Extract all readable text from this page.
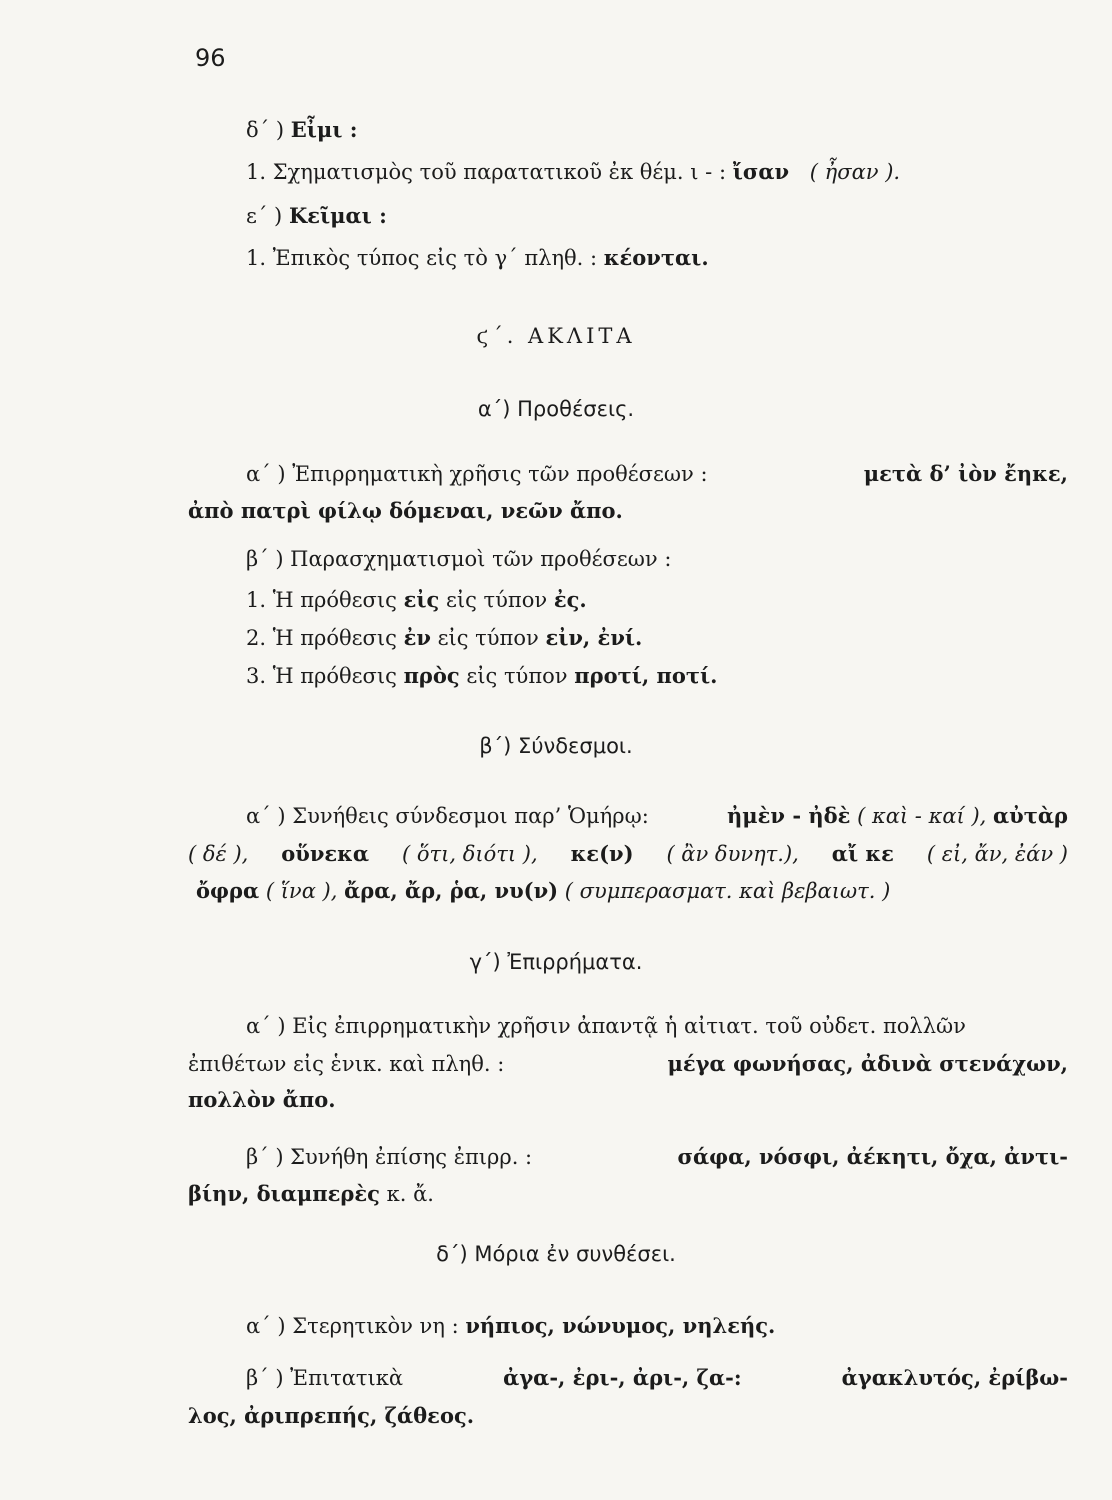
96
δ΄ ) Εἶμι :
1. Σχηματισμὸς τοῦ παρατατικοῦ ἐκ θέμ. ι - : ἴσαν ( ἦσαν ).
ε΄ ) Κεῖμαι :
1. Ἐπικὸς τύπος εἰς τὸ γ΄ πληθ. : κέονται.
ϛ΄. ΑΚΛΙΤΑ
α΄) Προθέσεις.
α΄ ) Ἐπιρρηματικὴ χρῆσις τῶν προθέσεων :	μετὰ δ’ ἰὸν ἔηκε,
ἀπὸ πατρὶ φίλῳ δόμεναι, νεῶν ἄπο.
β΄ ) Παρασχηματισμοὶ τῶν προθέσεων :
1. Ἡ πρόθεσις εἰς εἰς τύπον ἐς.
2. Ἡ πρόθεσις ἐν εἰς τύπον εἰν, ἐνί.
3. Ἡ πρόθεσις πρὸς εἰς τύπον προτί, ποτί.
β΄) Σύνδεσμοι.
α΄ ) Συνήθεις σύνδεσμοι παρ’ Ὁμήρῳ:	ἠμὲν - ἠδὲ ( καὶ - καί ), αὐτὰρ
( δέ ), οὕνεκα ( ὅτι, διότι ), κε(ν) ( ἂν δυνητ.), αἴ κε ( εἰ, ἄν, ἐάν )
ὄφρα ( ἵνα ), ἄρα, ἄρ, ῥα, νυ(ν) ( συμπερασματ. καὶ βεβαιωτ. )
γ΄) Ἐπιρρήματα.
α΄ ) Εἰς ἐπιρρηματικὴν χρῆσιν ἀπαντᾷ ἡ αἰτιατ. τοῦ οὐδετ. πολλῶν
ἐπιθέτων εἰς ἑνικ. καὶ πληθ. :	μέγα φωνήσας, ἀδινὰ στενάχων,
πολλὸν ἄπο.
β΄ ) Συνήθη ἐπίσης ἐπιρρ. :	σάφα, νόσφι, ἀέκητι, ὄχα, ἀντι-
βίην, διαμπερὲς κ. ἄ.
δ΄) Μόρια ἐν συνθέσει.
α΄ ) Στερητικὸν νη : νήπιος, νώνυμος, νηλεής.
β΄ ) Ἐπιτατικὰ	ἀγα-, ἐρι-, ἀρι-, ζα-:	ἀγακλυτός, ἐρίβω-
λος, ἀριπρεπής, ζάθεος.
